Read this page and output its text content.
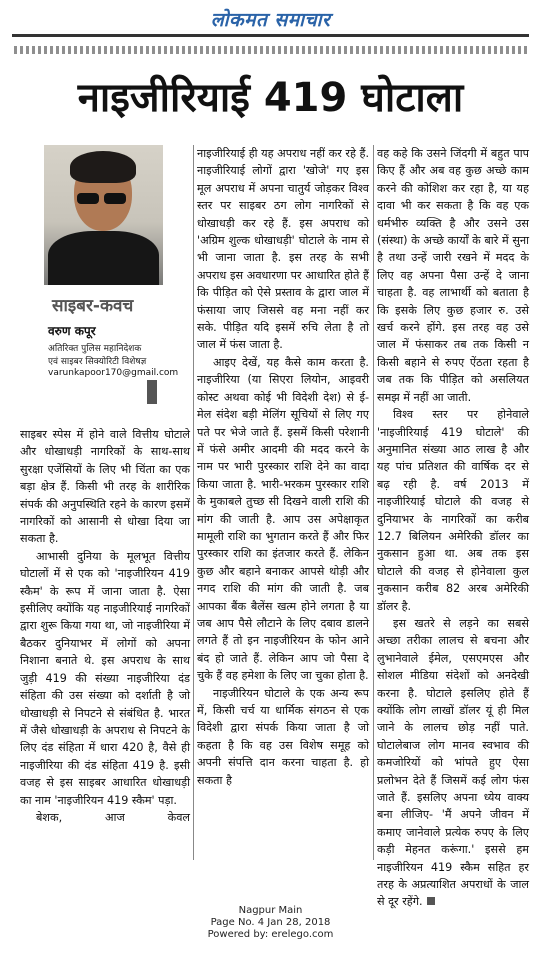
लोकमत समाचार
नाइजीरियाई 419 घोटाला

साइबर-कवच
वरुण कपूर
अतिरिक्त पुलिस महानिदेशक
एवं साइबर सिक्योरिटी विशेषज्ञ
varunkapoor170@gmail.com

साइबर स्पेस में होने वाले वित्तीय घोटाले और धोखाधड़ी नागरिकों के साथ-साथ सुरक्षा एजेंसियों के लिए भी चिंता का एक बड़ा क्षेत्र हैं. किसी भी तरह के शारीरिक संपर्क की अनुपस्थिति रहने के कारण इसमें नागरिकों को आसानी से धोखा दिया जा सकता है.

आभासी दुनिया के मूलभूत वित्तीय घोटालों में से एक को 'नाइजीरियन 419 स्कैम' के रूप में जाना जाता है. ऐसा इसीलिए क्योंकि यह नाइजीरियाई नागरिकों द्वारा शुरू किया गया था, जो नाइजीरिया में बैठकर दुनियाभर में लोगों को अपना निशाना बनाते थे. इस अपराध के साथ जुड़ी 419 की संख्या नाइजीरिया दंड संहिता की उस संख्या को दर्शाती है जो धोखाधड़ी से निपटने से संबंधित है. भारत में जैसे धोखाधड़ी के अपराध से निपटने के लिए दंड संहिता में धारा 420 है, वैसे ही नाइजीरिया की दंड संहिता 419 है. इसी वजह से इस साइबर आधारित धोखाधड़ी का नाम 'नाइजीरियन 419 स्कैम' पड़ा.

बेशक, आज केवल

नाइजीरियाई ही यह अपराध नहीं कर रहे हैं. नाइजीरियाई लोगों द्वारा 'खोजे' गए इस मूल अपराध में अपना चातुर्य जोड़कर विश्व स्तर पर साइबर ठग लोग नागरिकों से धोखाधड़ी कर रहे हैं. इस अपराध को 'अग्रिम शुल्क धोखाधड़ी' घोटाले के नाम से भी जाना जाता है. इस तरह के सभी अपराध इस अवधारणा पर आधारित होते हैं कि पीड़ित को ऐसे प्रस्ताव के द्वारा जाल में फंसाया जाए जिससे वह मना नहीं कर सके. पीड़ित यदि इसमें रुचि लेता है तो जाल में फंस जाता है.

आइए देखें, यह कैसे काम करता है. नाइजीरिया (या सिएरा लियोन, आइवरी कोस्ट अथवा कोई भी विदेशी देश) से ई-मेल संदेश बड़ी मेलिंग सूचियों से लिए गए पते पर भेजे जाते हैं. इसमें किसी परेशानी में फंसे अमीर आदमी की मदद करने के नाम पर भारी पुरस्कार राशि देने का वादा किया जाता है. भारी-भरकम पुरस्कार राशि के मुकाबले तुच्छ सी दिखने वाली राशि की मांग की जाती है. आप उस अपेक्षाकृत मामूली राशि का भुगतान करते हैं और फिर पुरस्कार राशि का इंतजार करते हैं. लेकिन कुछ और बहाने बनाकर आपसे थोड़ी और नगद राशि की मांग की जाती है. जब आपका बैंक बैलेंस खत्म होने लगता है या जब आप पैसे लौटाने के लिए दबाव डालने लगते हैं तो इन नाइजीरियन के फोन आने बंद हो जाते हैं. लेकिन आप जो पैसा दे चुके हैं वह हमेशा के लिए जा चुका होता है.

नाइजीरियन घोटाले के एक अन्य रूप में, किसी चर्च या धार्मिक संगठन से एक विदेशी द्वारा संपर्क किया जाता है जो कहता है कि वह उस विशेष समूह को अपनी संपत्ति दान करना चाहता है. हो सकता है

वह कहे कि उसने जिंदगी में बहुत पाप किए हैं और अब वह कुछ अच्छे काम करने की कोशिश कर रहा है, या यह दावा भी कर सकता है कि वह एक धर्मभीरु व्यक्ति है और उसने उस (संस्था) के अच्छे कार्यों के बारे में सुना है तथा उन्हें जारी रखने में मदद के लिए वह अपना पैसा उन्हें दे जाना चाहता है. वह लाभार्थी को बताता है कि इसके लिए कुछ हजार रु. उसे खर्च करने होंगे. इस तरह वह उसे जाल में फंसाकर तब तक किसी न किसी बहाने से रुपए ऐंठता रहता है जब तक कि पीड़ित को असलियत समझ में नहीं आ जाती.

विश्व स्तर पर होनेवाले 'नाइजीरियाई 419 घोटाले' की अनुमानित संख्या आठ लाख है और यह पांच प्रतिशत की वार्षिक दर से बढ़ रही है. वर्ष 2013 में नाइजीरियाई घोटाले की वजह से दुनियाभर के नागरिकों का करीब 12.7 बिलियन अमेरिकी डॉलर का नुकसान हुआ था. अब तक इस घोटाले की वजह से होनेवाला कुल नुकसान करीब 82 अरब अमेरिकी डॉलर है.

इस खतरे से लड़ने का सबसे अच्छा तरीका लालच से बचना और लुभानेवाले ईमेल, एसएमएस और सोशल मीडिया संदेशों को अनदेखी करना है. घोटाले इसलिए होते हैं क्योंकि लोग लाखों डॉलर यूं ही मिल जाने के लालच छोड़ नहीं पाते. घोटालेबाज लोग मानव स्वभाव की कमजोरियों को भांपते हुए ऐसा प्रलोभन देते हैं जिसमें कई लोग फंस जाते हैं. इसलिए अपना ध्येय वाक्य बना लीजिए- 'मैं अपने जीवन में कमाए जानेवाले प्रत्येक रुपए के लिए कड़ी मेहनत करूंगा.' इससे हम नाइजीरियन 419 स्कैम सहित हर तरह के अप्रत्याशित अपराधों के जाल से दूर रहेंगे.

Nagpur Main
Page No. 4 Jan 28, 2018
Powered by: erelego.com
